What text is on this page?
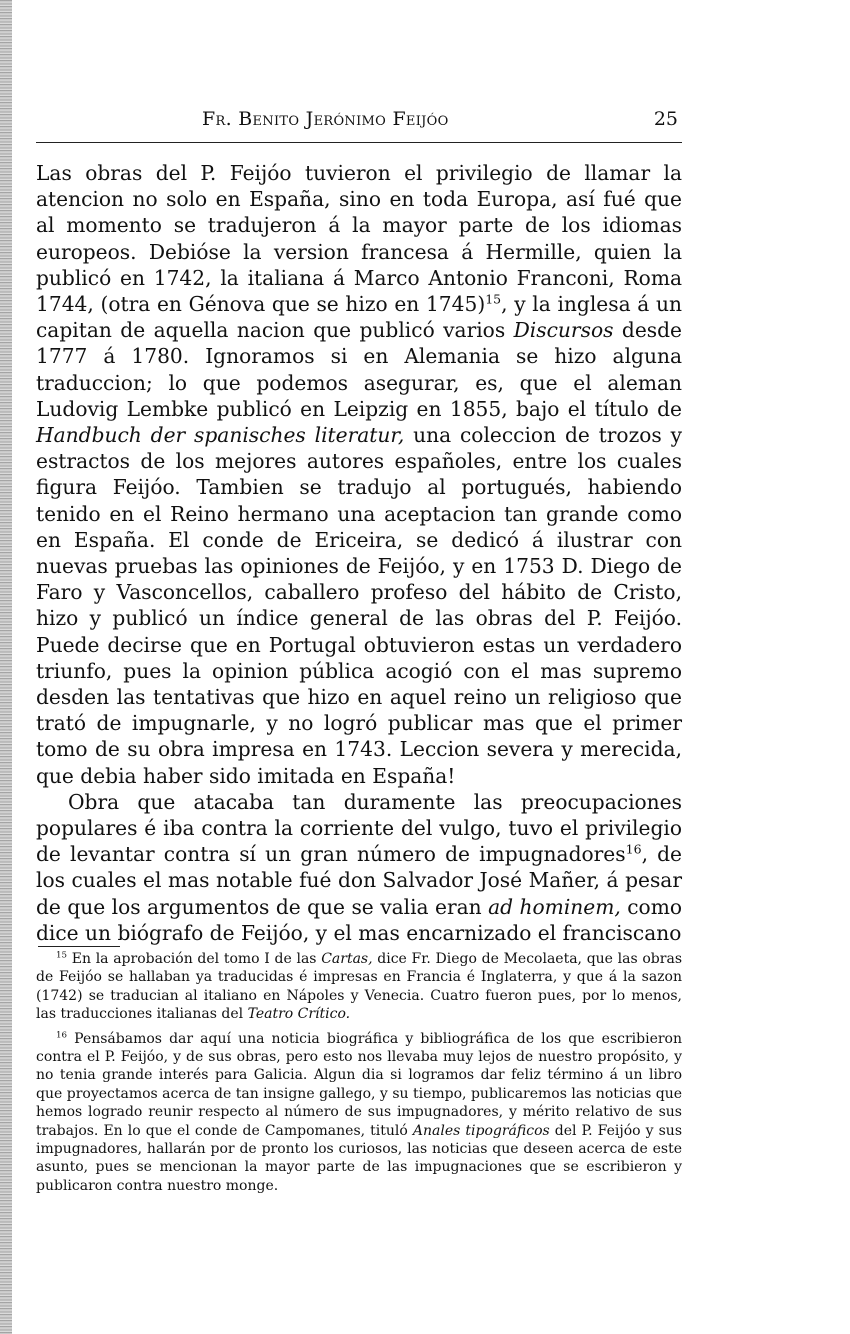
Fr. Benito Jerónimo Feijóo	25

Las obras del P. Feijóo tuvieron el privilegio de llamar la atencion no solo en España, sino en toda Europa, así fué que al momento se tradujeron á la mayor parte de los idiomas europeos. Debióse la version francesa á Hermille, quien la publicó en 1742, la italiana á Marco Antonio Franconi, Roma 1744, (otra en Génova que se hizo en 1745)$^{15}$, y la inglesa á un capitan de aquella nacion que publicó varios Discursos desde 1777 á 1780. Ignoramos si en Alemania se hizo alguna traduccion; lo que podemos asegurar, es, que el aleman Ludovig Lembke publicó en Leipzig en 1855, bajo el título de Handbuch der spanisches literatur, una coleccion de trozos y estractos de los mejores autores españoles, entre los cuales figura Feijóo. Tambien se tradujo al portugués, habiendo tenido en el Reino hermano una aceptacion tan grande como en España. El conde de Ericeira, se dedicó á ilustrar con nuevas pruebas las opiniones de Feijóo, y en 1753 D. Diego de Faro y Vasconcellos, caballero profeso del hábito de Cristo, hizo y publicó un índice general de las obras del P. Feijóo. Puede decirse que en Portugal obtuvieron estas un verdadero triunfo, pues la opinion pública acogió con el mas supremo desden las tentativas que hizo en aquel reino un religioso que trató de impugnarle, y no logró publicar mas que el primer tomo de su obra impresa en 1743. Leccion severa y merecida, que debia haber sido imitada en España!

Obra que atacaba tan duramente las preocupaciones populares é iba contra la corriente del vulgo, tuvo el privilegio de levantar contra sí un gran número de impugnadores$^{16}$, de los cuales el mas notable fué don Salvador José Mañer, á pesar de que los argumentos de que se valia eran ad hominem, como dice un biógrafo de Feijóo, y el mas encarnizado el franciscano

$^{15}$ En la aprobación del tomo I de las Cartas, dice Fr. Diego de Mecolaeta, que las obras de Feijóo se hallaban ya traducidas é impresas en Francia é Inglaterra, y que á la sazon (1742) se traducian al italiano en Nápoles y Venecia. Cuatro fueron pues, por lo menos, las traducciones italianas del Teatro Crítico.

$^{16}$ Pensábamos dar aquí una noticia biográfica y bibliográfica de los que escribieron contra el P. Feijóo, y de sus obras, pero esto nos llevaba muy lejos de nuestro propósito, y no tenia grande interés para Galicia. Algun dia si logramos dar feliz término á un libro que proyectamos acerca de tan insigne gallego, y su tiempo, publicaremos las noticias que hemos logrado reunir respecto al número de sus impugnadores, y mérito relativo de sus trabajos. En lo que el conde de Campomanes, tituló Anales tipográficos del P. Feijóo y sus impugnadores, hallarán por de pronto los curiosos, las noticias que deseen acerca de este asunto, pues se mencionan la mayor parte de las impugnaciones que se escribieron y publicaron contra nuestro monge.
